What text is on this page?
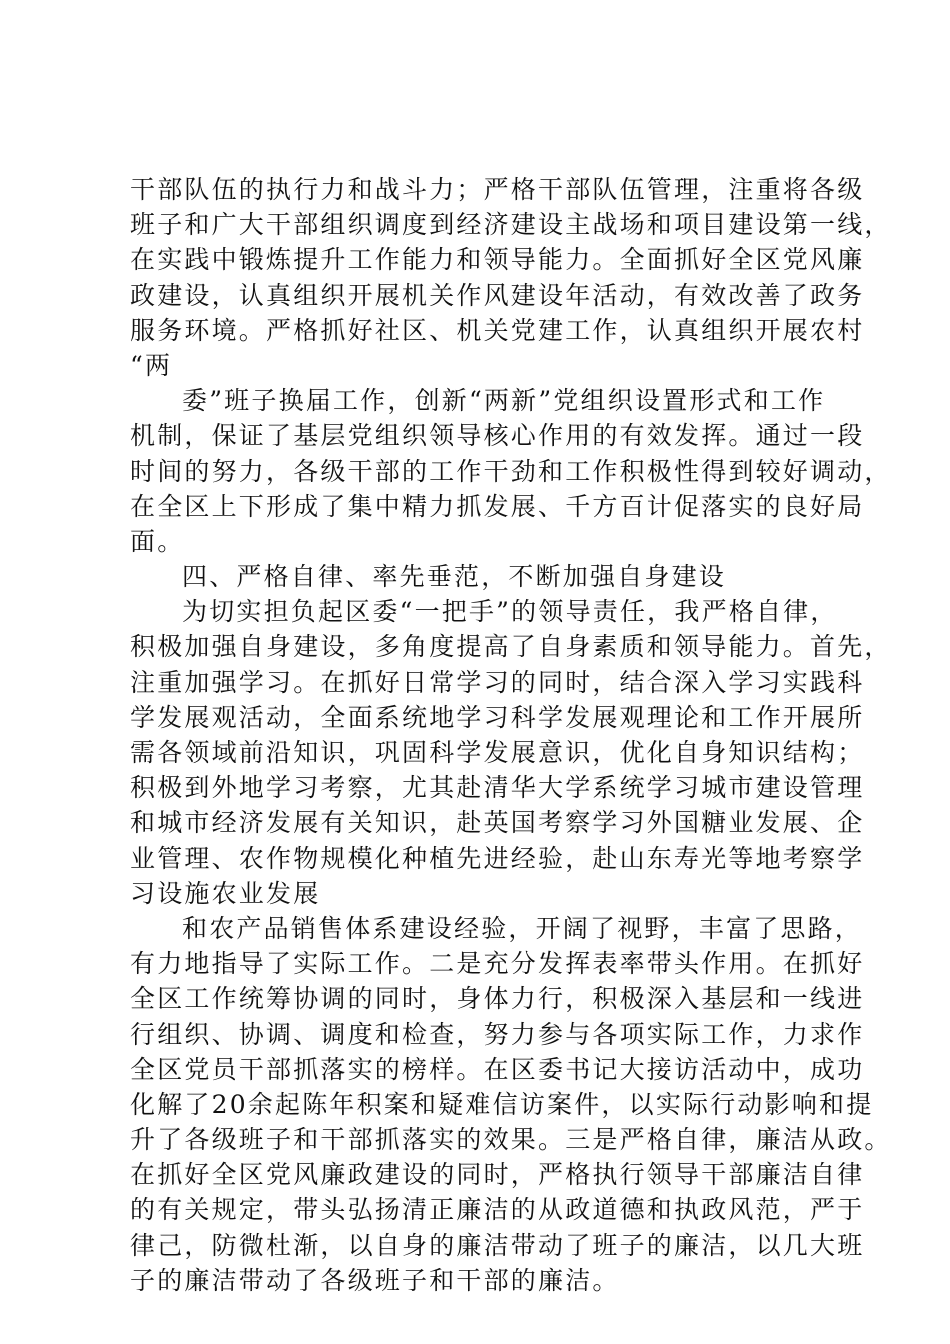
干部队伍的执行力和战斗力；严格干部队伍管理，注重将各级
班子和广大干部组织调度到经济建设主战场和项目建设第一线，
在实践中锻炼提升工作能力和领导能力。全面抓好全区党风廉
政建设，认真组织开展机关作风建设年活动，有效改善了政务
服务环境。严格抓好社区、机关党建工作，认真组织开展农村
“两
委”班子换届工作，创新“两新”党组织设置形式和工作
机制，保证了基层党组织领导核心作用的有效发挥。通过一段
时间的努力，各级干部的工作干劲和工作积极性得到较好调动，
在全区上下形成了集中精力抓发展、千方百计促落实的良好局
面。
四、严格自律、率先垂范，不断加强自身建设
为切实担负起区委“一把手”的领导责任，我严格自律，
积极加强自身建设，多角度提高了自身素质和领导能力。首先，
注重加强学习。在抓好日常学习的同时，结合深入学习实践科
学发展观活动，全面系统地学习科学发展观理论和工作开展所
需各领域前沿知识，巩固科学发展意识，优化自身知识结构；
积极到外地学习考察，尤其赴清华大学系统学习城市建设管理
和城市经济发展有关知识，赴英国考察学习外国糖业发展、企
业管理、农作物规模化种植先进经验，赴山东寿光等地考察学
习设施农业发展
和农产品销售体系建设经验，开阔了视野，丰富了思路，
有力地指导了实际工作。二是充分发挥表率带头作用。在抓好
全区工作统筹协调的同时，身体力行，积极深入基层和一线进
行组织、协调、调度和检查，努力参与各项实际工作，力求作
全区党员干部抓落实的榜样。在区委书记大接访活动中，成功
化解了20余起陈年积案和疑难信访案件，以实际行动影响和提
升了各级班子和干部抓落实的效果。三是严格自律，廉洁从政。
在抓好全区党风廉政建设的同时，严格执行领导干部廉洁自律
的有关规定，带头弘扬清正廉洁的从政道德和执政风范，严于
律己，防微杜渐，以自身的廉洁带动了班子的廉洁，以几大班
子的廉洁带动了各级班子和干部的廉洁。
